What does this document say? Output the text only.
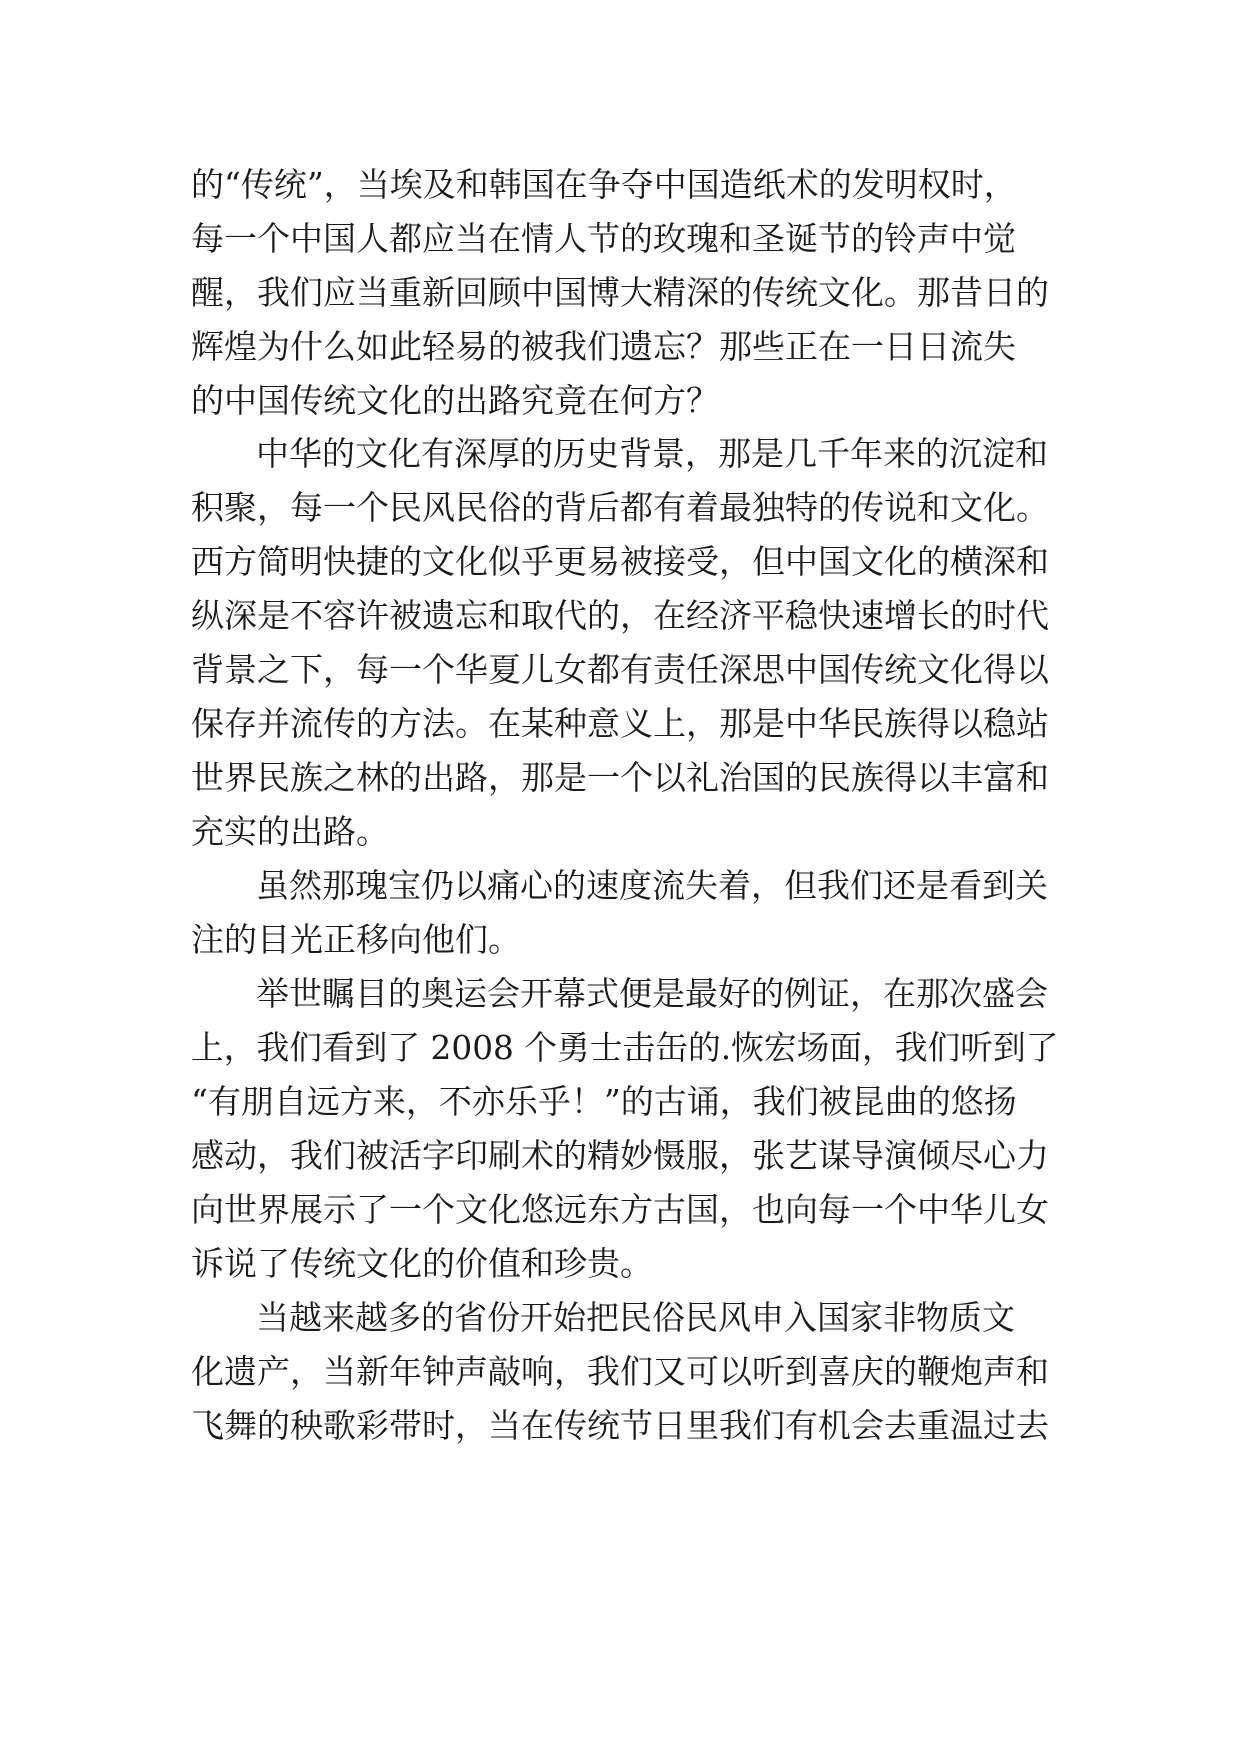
的“传统”，当埃及和韩国在争夺中国造纸术的发明权时，
每一个中国人都应当在情人节的玫瑰和圣诞节的铃声中觉
醒，我们应当重新回顾中国博大精深的传统文化。那昔日的
辉煌为什么如此轻易的被我们遗忘？那些正在一日日流失
的中国传统文化的出路究竟在何方？
中华的文化有深厚的历史背景，那是几千年来的沉淀和
积聚，每一个民风民俗的背后都有着最独特的传说和文化。
西方简明快捷的文化似乎更易被接受，但中国文化的横深和
纵深是不容许被遗忘和取代的，在经济平稳快速增长的时代
背景之下，每一个华夏儿女都有责任深思中国传统文化得以
保存并流传的方法。在某种意义上，那是中华民族得以稳站
世界民族之林的出路，那是一个以礼治国的民族得以丰富和
充实的出路。
虽然那瑰宝仍以痛心的速度流失着，但我们还是看到关
注的目光正移向他们。
举世瞩目的奥运会开幕式便是最好的例证，在那次盛会
上，我们看到了 2008 个勇士击缶的.恢宏场面，我们听到了
“有朋自远方来，不亦乐乎！”的古诵，我们被昆曲的悠扬
感动，我们被活字印刷术的精妙慑服，张艺谋导演倾尽心力
向世界展示了一个文化悠远东方古国，也向每一个中华儿女
诉说了传统文化的价值和珍贵。
当越来越多的省份开始把民俗民风申入国家非物质文
化遗产，当新年钟声敲响，我们又可以听到喜庆的鞭炮声和
飞舞的秧歌彩带时，当在传统节日里我们有机会去重温过去
